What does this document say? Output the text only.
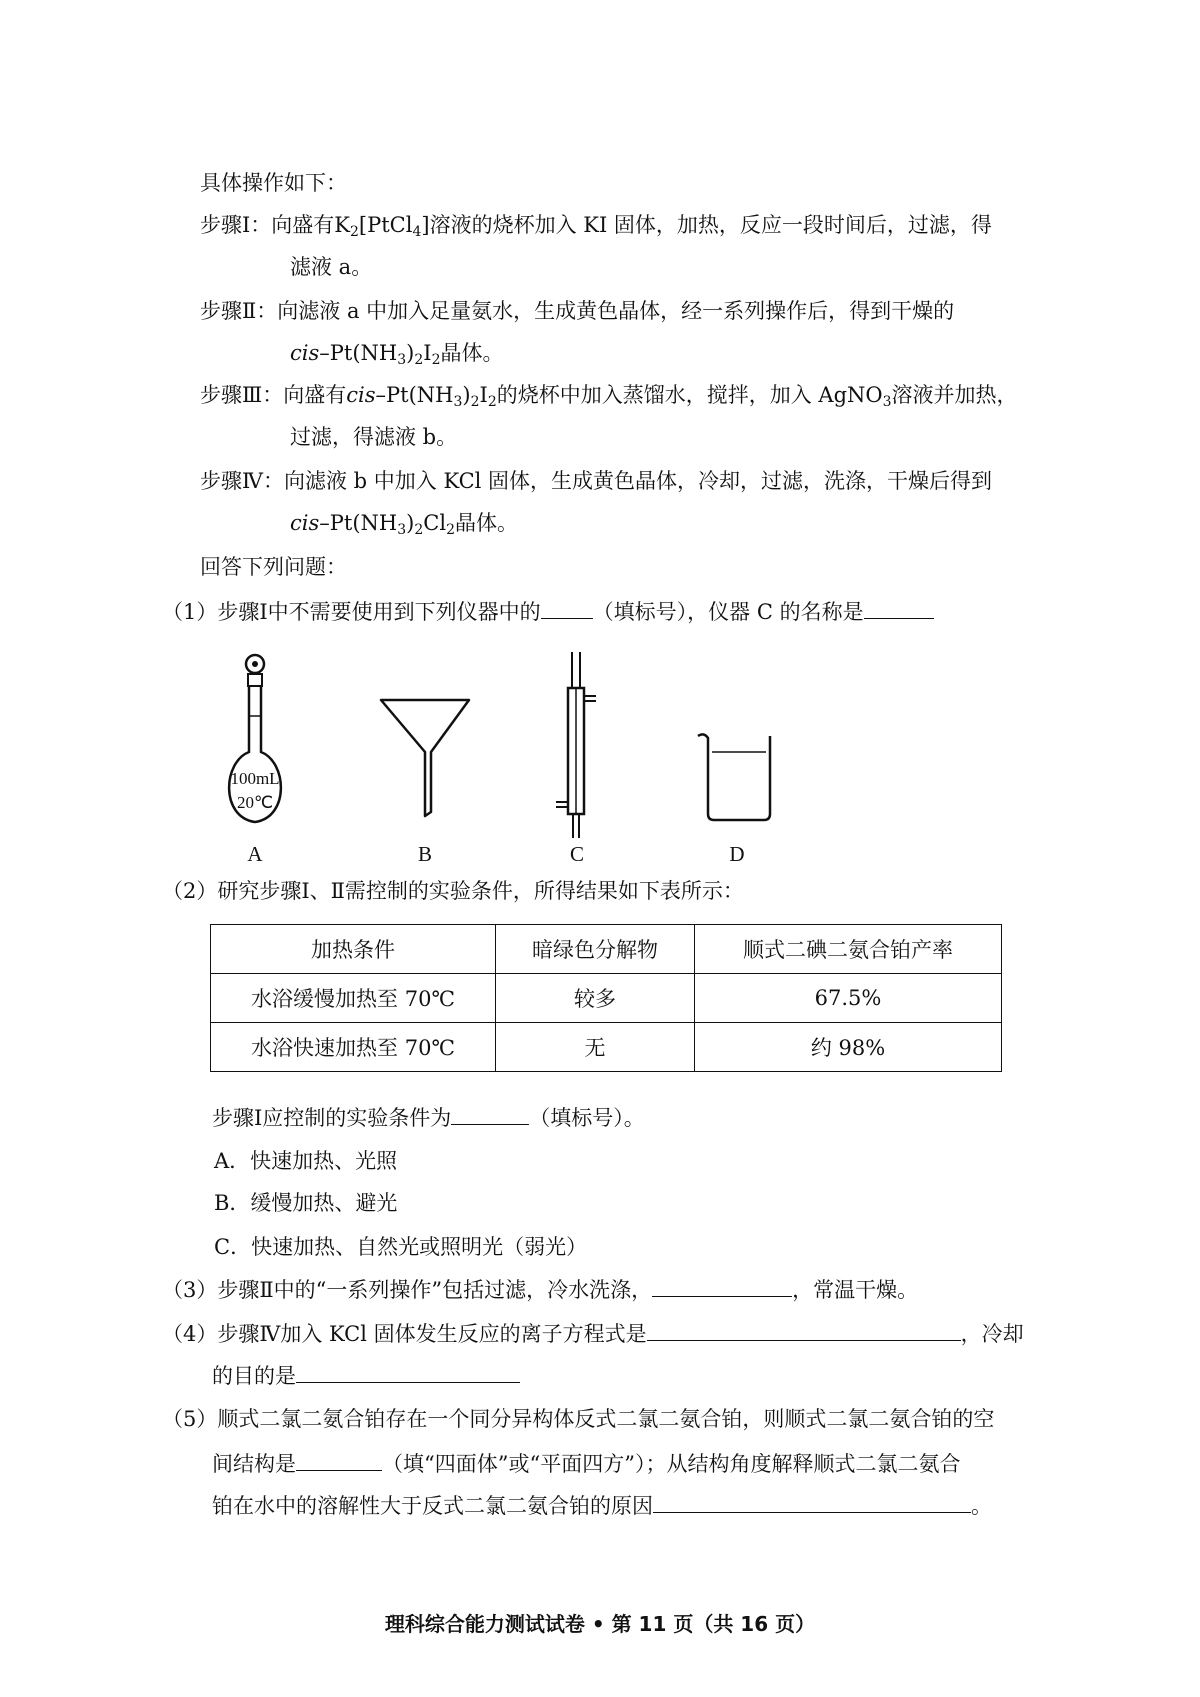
具体操作如下：
步骤Ⅰ：向盛有$K_2[PtCl_4]$溶液的烧杯加入 KI 固体，加热，反应一段时间后，过滤，得
滤液 a。
步骤Ⅱ：向滤液 a 中加入足量氨水，生成黄色晶体，经一系列操作后，得到干燥的
cis–$Pt(NH_3)_2I_2$晶体。
步骤Ⅲ：向盛有cis–$Pt(NH_3)_2I_2$的烧杯中加入蒸馏水，搅拌，加入 AgNO$_3$溶液并加热，
过滤，得滤液 b。
步骤Ⅳ：向滤液 b 中加入 KCl 固体，生成黄色晶体，冷却，过滤，洗涤，干燥后得到
cis–$Pt(NH_3)_2Cl_2$晶体。
回答下列问题：
（1）步骤Ⅰ中不需要使用到下列仪器中的 （填标号），仪器 C 的名称是
100mL
20℃
A	B	C	D
（2）研究步骤Ⅰ、Ⅱ需控制的实验条件，所得结果如下表所示：
加热条件	暗绿色分解物	顺式二碘二氨合铂产率
水浴缓慢加热至 70℃	较多	67.5%
水浴快速加热至 70℃	无	约 98%
步骤Ⅰ应控制的实验条件为	（填标号）。
A．快速加热、光照
B．缓慢加热、避光
C．快速加热、自然光或照明光（弱光）
（3）步骤Ⅱ中的“一系列操作”包括过滤，冷水洗涤，	，常温干燥。
（4）步骤Ⅳ加入 KCl 固体发生反应的离子方程式是	，冷却
的目的是
（5）顺式二氯二氨合铂存在一个同分异构体反式二氯二氨合铂，则顺式二氯二氨合铂的空
间结构是	（填“四面体”或“平面四方”）；从结构角度解释顺式二氯二氨合
铂在水中的溶解性大于反式二氯二氨合铂的原因	。
理科综合能力测试试卷 • 第 11 页（共 16 页）
